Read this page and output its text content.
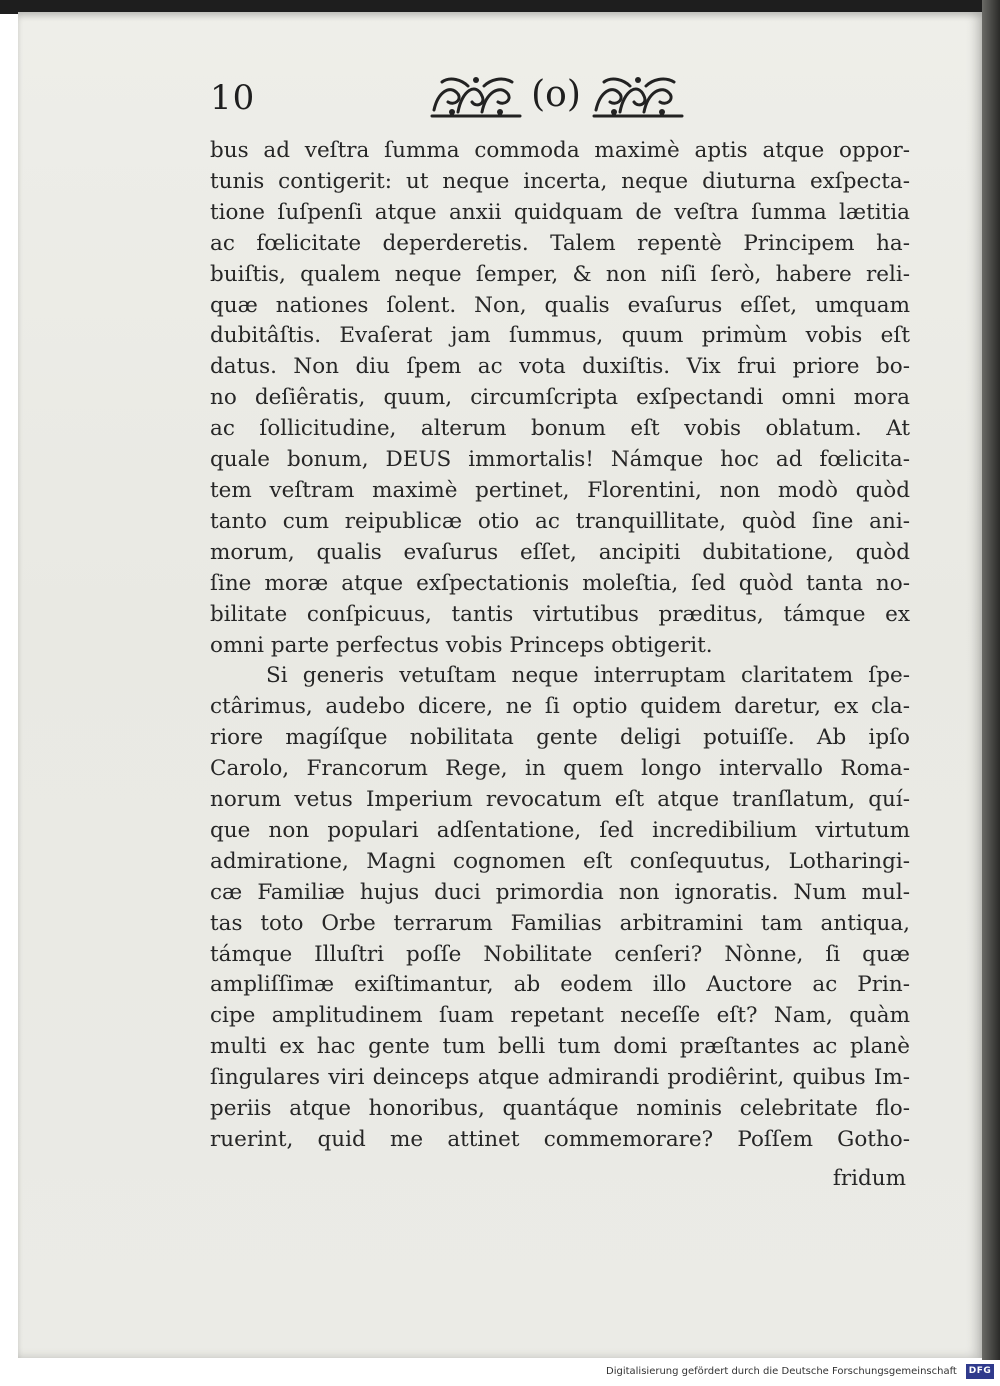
10	(o)
bus ad veſtra ſumma commoda maximè aptis atque oppor-
tunis contigerit: ut neque incerta, neque diuturna exſpecta-
tione ſuſpenſi atque anxii quidquam de veſtra ſumma lætitia
ac fœlicitate deperderetis. Talem repentè Principem ha-
buiſtis, qualem neque ſemper, & non niſi ſerò, habere reli-
quæ nationes ſolent. Non, qualis evaſurus eſſet, umquam
dubitâſtis. Evaſerat jam ſummus, quum primùm vobis eſt
datus. Non diu ſpem ac vota duxiſtis. Vix frui priore bo-
no deſiêratis, quum, circumſcripta exſpectandi omni mora
ac ſollicitudine, alterum bonum eſt vobis oblatum. At
quale bonum, DEUS immortalis! Námque hoc ad fœlicita-
tem veſtram maximè pertinet, Florentini, non modò quòd
tanto cum reipublicæ otio ac tranquillitate, quòd ſine ani-
morum, qualis evaſurus eſſet, ancipiti dubitatione, quòd
ſine moræ atque exſpectationis moleſtia, ſed quòd tanta no-
bilitate conſpicuus, tantis virtutibus præditus, támque ex
omni parte perfectus vobis Princeps obtigerit.
Si generis vetuſtam neque interruptam claritatem ſpe-
ctârimus, audebo dicere, ne ſi optio quidem daretur, ex cla-
riore magíſque nobilitata gente deligi potuiſſe. Ab ipſo
Carolo, Francorum Rege, in quem longo intervallo Roma-
norum vetus Imperium revocatum eſt atque tranſlatum, quí-
que non populari adſentatione, ſed incredibilium virtutum
admiratione, Magni cognomen eſt conſequutus, Lotharingi-
cæ Familiæ hujus duci primordia non ignoratis. Num mul-
tas toto Orbe terrarum Familias arbitramini tam antiqua,
támque Illuſtri poſſe Nobilitate cenſeri? Nònne, ſi quæ
ampliſſimæ exiſtimantur, ab eodem illo Auctore ac Prin-
cipe amplitudinem ſuam repetant neceſſe eſt? Nam, quàm
multi ex hac gente tum belli tum domi præſtantes ac planè
ſingulares viri deinceps atque admirandi prodiêrint, quibus Im-
periis atque honoribus, quantáque nominis celebritate flo-
ruerint, quid me attinet commemorare? Poſſem Gotho-
fridum
Digitalisierung gefördert durch die Deutsche Forschungsgemeinschaft	DFG
